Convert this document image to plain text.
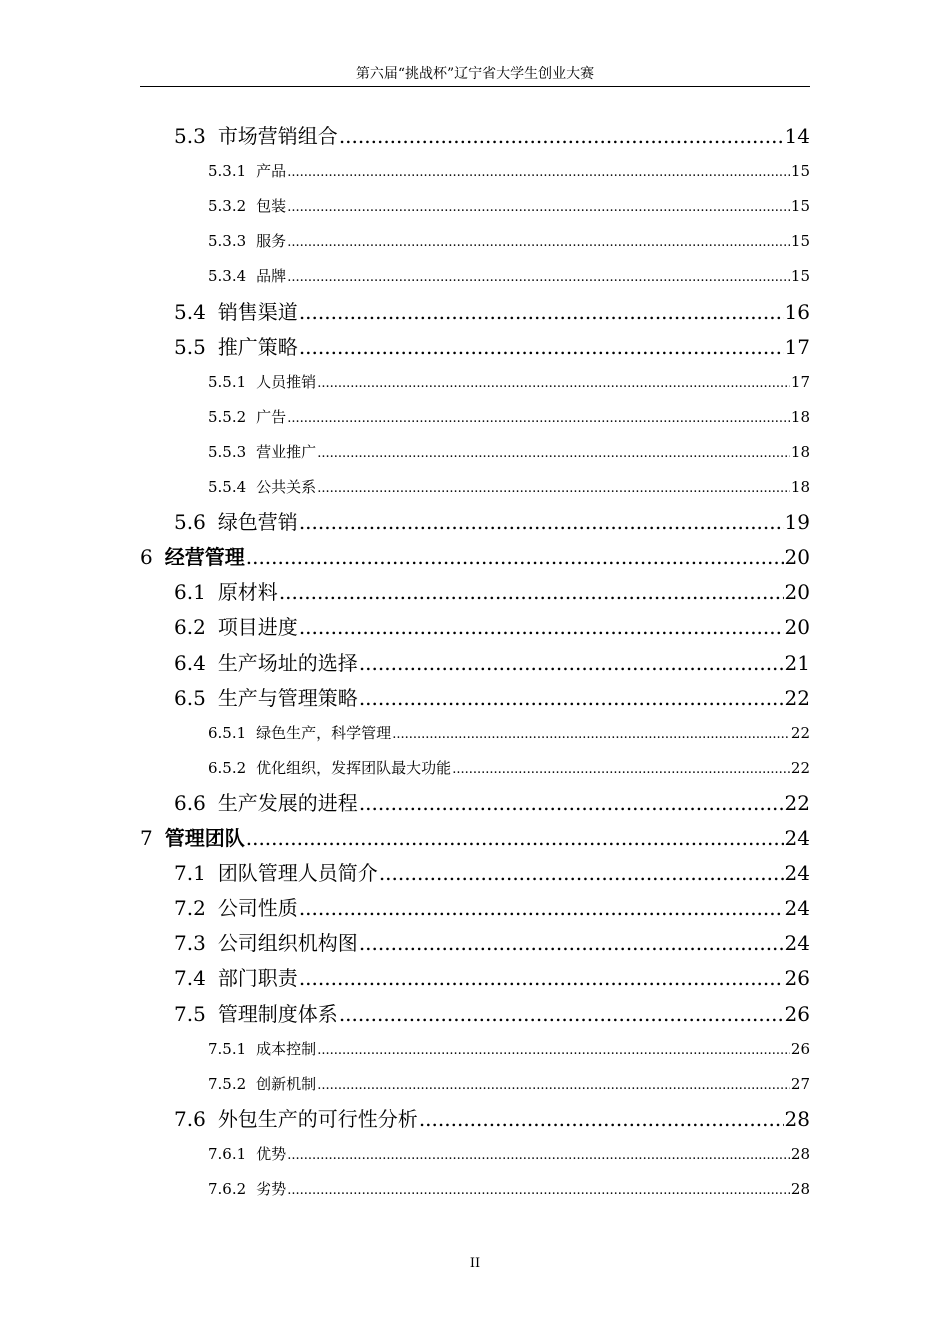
第六届“挑战杯”辽宁省大学生创业大赛
5.3 市场营销组合 .....	14
5.3.1 产品 .....	15
5.3.2 包装 .....	15
5.3.3 服务 .....	15
5.3.4 品牌 .....	15
5.4 销售渠道 .....	16
5.5 推广策略 .....	17
5.5.1 人员推销 .....	17
5.5.2 广告 .....	18
5.5.3 营业推广 .....	18
5.5.4 公共关系 .....	18
5.6 绿色营销 .....	19
6 经营管理 .....	20
6.1 原材料 .....	20
6.2 项目进度 .....	20
6.4 生产场址的选择 .....	21
6.5 生产与管理策略 .....	22
6.5.1 绿色生产，科学管理 .....	22
6.5.2 优化组织，发挥团队最大功能 .....	22
6.6 生产发展的进程 .....	22
7 管理团队 .....	24
7.1 团队管理人员简介 .....	24
7.2 公司性质 .....	24
7.3 公司组织机构图 .....	24
7.4 部门职责 .....	26
7.5 管理制度体系 .....	26
7.5.1 成本控制 .....	26
7.5.2 创新机制 .....	27
7.6 外包生产的可行性分析 .....	28
7.6.1 优势 .....	28
7.6.2 劣势 .....	28
II
